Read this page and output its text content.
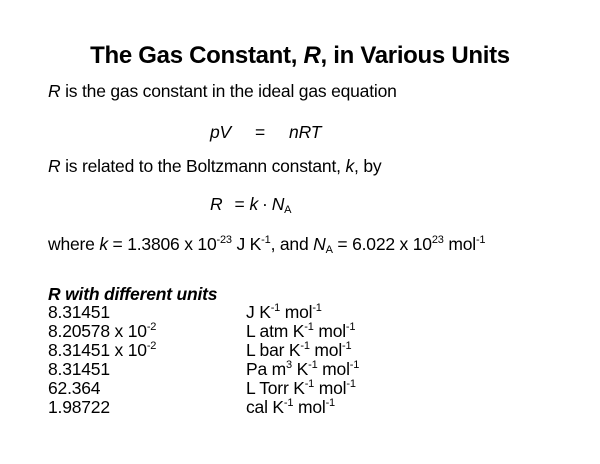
The Gas Constant, R, in Various Units
R is the gas constant in the ideal gas equation
pV = nRT
R is related to the Boltzmann constant, k, by
$R = k \cdot N_A$
where k = 1.3806 x $10^{-23}$ J $K^{-1}$, and $N_A = 6.022$ x $10^{23}$ mol$^{-1}$
R with different units
8.31451	J $K^{-1}$ mol$^{-1}$
8.20578 x $10^{-2}$	L atm $K^{-1}$ mol$^{-1}$
8.31451 x $10^{-2}$	L bar $K^{-1}$ mol$^{-1}$
8.31451	Pa $m^3$ $K^{-1}$ mol$^{-1}$
62.364	L Torr $K^{-1}$ mol$^{-1}$
1.98722	cal $K^{-1}$ mol$^{-1}$
